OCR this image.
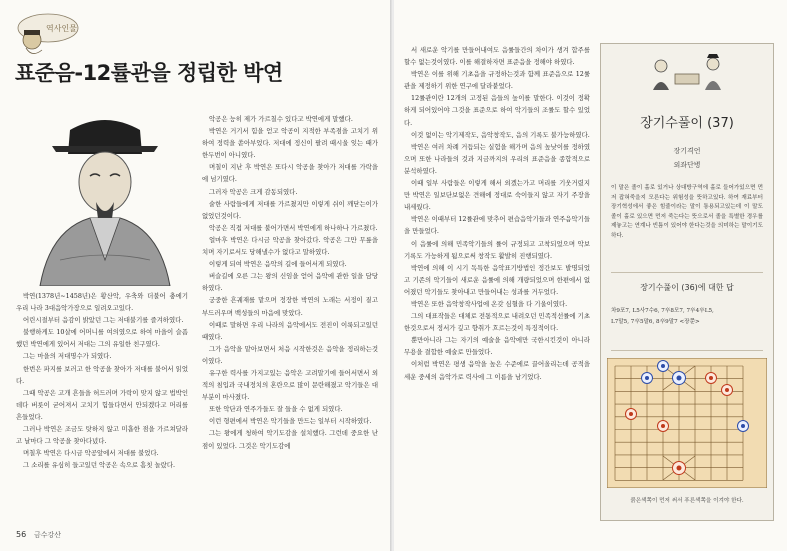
역사인물
표준음-12률관을 정립한 박연

박연(1378년~1458년)은 황산악, 우축와 더불어 충에기 우리 나라 3대음악가장으로 일려오고있다.

어린시절부터 음감이 밝았던 그는 저대불기를 즐겨하였다.

불행하게도 10살에 어머니를 여의였으로 하여 마을이 슬픔했던 박연에게 있어서 저대는 그의 유일한 친구였다.

그는 마을의 저대명수가 되였다.

한번은 파지를 보러고 한 악공을 찾아가 저대를 불어서 읽었다.

그때 악공은 고개 흔들을 허드러며 가락이 맞지 않고 법박인데다 버릇이 굳어져서 고치기 힘들다면서 안되겠다고 머리를 흔들었다.

그러나 박연은 조금도 탓하지 않고 미흡한 점을 가르쳐달라고 날마다 그 악공을 찾아다녔다.

며칠후 박연은 다시금 악공앞에서 저대를 불었다.

그 소리를 유심히 들고있던 악공은 속으로 흠칫 놀랐다.

악공은 능히 제가 가르칠수 있다고 박연에게 말했다.

박연은 거기서 힘을 얻고 악공이 지적한 부족점을 고치기 위하여 정력을 쏟아부었다. 저대에 정신이 팔려 때시울 잊는 때가 한두번이 아니였다.

며칠이 지난 후 박연은 또다시 악공을 찾아가 저대를 가락을에 넘기였다.

그러자 악공은 크게 감동되였다.

숱한 사람들에게 저대를 가르쳤지만 이렇게 쉬이 깨닫는이가 없었던것이다.

악공은 직접 저대를 불어가면서 박연에게 하나하나 가르쳤다.

얼마후 박연은 다시금 악공을 찾아갔다. 악공은 그만 무릎을 치며 자기로서도 당해낼수가 없다고 말하였다.

이렇게 되여 박연은 음악의 길에 들어서게 되였다.

버슬길에 오른 그는 왕의 신임을 얻어 음악에 관한 일을 담당하였다.

궁중한 흔궤재를 맡으며 정장한 박연의 노래는 서정이 짙고 부드러우며 백성들의 마음에 맞았다.

이때로 말하면 우리 나라의 음악에서도 전진이 이룩되고있던 때였다.

그가 음악을 맡아보면서 처음 시작한것은 음악을 정리하는것이였다.

유구한 력사를 가지고있는 음악은 고려말기에 들어서면서 외적의 침입과 국내정치의 혼란으로 많이 문란해졌고 악기들은 대부분이 마사졌다.

또한 악단과 연주가들도 잘 들을 수 없게 되였다.

이런 형편에서 박연은 악기들을 만드는 일부터 시작하였다.

그는 왕에게 청하여 악기도감을 설치했다. 그런데 중요한 난점이 있었다. 그것은 악기도감에

56 금수강산

서 새로운 악기를 만들어내여도 음률들간의 차이가 생겨 합주를 할수 없는것이였다. 이를 해결하자면 표준음을 정해야 하였다.

박연은 이를 위해 기초음을 규정하는것과 함께 표준음으로 12률관을 제정하기 위한 연구에 달라붙었다.

12률관이란 12개의 고정된 음들의 높이를 말한다. 이것이 정확하게 되어있어야 그것을 표준으로 하여 악기들의 조률도 할수 있었다.

이것 없이는 악기제작도, 음악창작도, 음의 기록도 불가능하였다.

박연은 여러 차례 거듭되는 실험을 해가며 음의 높낮이를 정하였으며 또한 나라들의 것과 지금까지의 우리의 표준음을 종합적으로 분석하였다.

이때 일부 사람들은 이렇게 해서 외겠는가고 머리를 기웃거렸지만 박연은 일보단보없은 견해에 정대로 숙이들지 않고 자기 주장을 내세웠다.

박연은 이때부터 12률관에 맞추어 편습음악기들과 연주음악기들을 만들었다.

이 음률에 의해 민족악기들의 률이 규정되고 고착되었으며 악보기록도 가능하게 됨으로써 창작도 활발히 진행되였다.

박연에 의해 이 시기 독특한 음악표기방법인 정간보도 발명되었고 기존의 악기들이 새로운 음률에 의해 개량되었으며 한편에서 없어졌던 악기들도 찾아내고 만들어내는 성과를 거두었다.

박연은 또한 음악창작사업에 온갖 심혈을 다 기울이였다.

그의 대표작들은 대체로 전통적으로 내려오던 민족적선률에 기초한것으로서 정서가 깊고 향취가 흐르는것이 특징적이다.

뿐만아니라 그는 자기의 예술을 음악에만 국한시킨것이 아니라 무용을 결합한 예술로 만들었다.

이처럼 박연은 평생 음악을 높은 수준에로 끌어올리는데 공적을 세운 중세의 음악가로 력사에 그 이름을 남기었다.

장기수풀이 (37)
장기격언
외좌단병
이 말은 졸이 홀로 있거나 상대방구역에 홀로 들어가있으면 먼저 잡혀죽을지 모른다는 위험성을 뜻하고있다. 하여 재료부터 장기혁성에서 좋은 힘줄이라는 말이 통용되고있는데 이 말도 졸이 홀로 있으면 먼저 죽는다는 뜻으로서 졸을 특별한 경우를 제놓고는 연계나 빈틈이 있어야 한다는것을 의미하는 말이기도 하다.
장기수풀이 (36)에 대한 답
차9포7, L5사7수6, 7卒8모7, 7卒4卒L5,
L7말5, 7卒5말6, 8卒9말7 <장쭌>
붉은색쪽이 먼저 써서 푸른색쪽을 이겨야 한다.
